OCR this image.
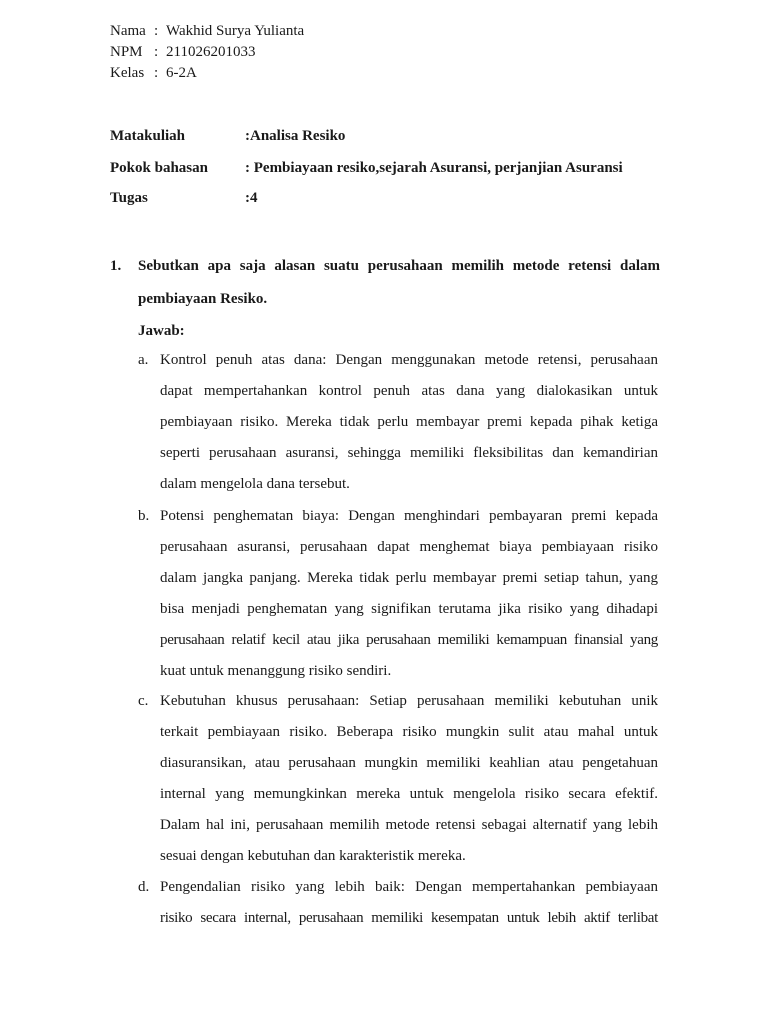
Nama : Wakhid Surya Yulianta
NPM : 211026201033
Kelas : 6-2A
Matakuliah	:Analisa Resiko
Pokok bahasan : Pembiayaan resiko,sejarah Asuransi, perjanjian Asuransi
Tugas	:4
1. Sebutkan apa saja alasan suatu perusahaan memilih metode retensi dalam
pembiayaan Resiko.
Jawab:
a. Kontrol penuh atas dana: Dengan menggunakan metode retensi, perusahaan
dapat mempertahankan kontrol penuh atas dana yang dialokasikan untuk
pembiayaan risiko. Mereka tidak perlu membayar premi kepada pihak ketiga
seperti perusahaan asuransi, sehingga memiliki fleksibilitas dan kemandirian
dalam mengelola dana tersebut.
b. Potensi penghematan biaya: Dengan menghindari pembayaran premi kepada
perusahaan asuransi, perusahaan dapat menghemat biaya pembiayaan risiko
dalam jangka panjang. Mereka tidak perlu membayar premi setiap tahun, yang
bisa menjadi penghematan yang signifikan terutama jika risiko yang dihadapi
perusahaan relatif kecil atau jika perusahaan memiliki kemampuan finansial yang
kuat untuk menanggung risiko sendiri.
c. Kebutuhan khusus perusahaan: Setiap perusahaan memiliki kebutuhan unik
terkait pembiayaan risiko. Beberapa risiko mungkin sulit atau mahal untuk
diasuransikan, atau perusahaan mungkin memiliki keahlian atau pengetahuan
internal yang memungkinkan mereka untuk mengelola risiko secara efektif.
Dalam hal ini, perusahaan memilih metode retensi sebagai alternatif yang lebih
sesuai dengan kebutuhan dan karakteristik mereka.
d. Pengendalian risiko yang lebih baik: Dengan mempertahankan pembiayaan
risiko secara internal, perusahaan memiliki kesempatan untuk lebih aktif terlibat
